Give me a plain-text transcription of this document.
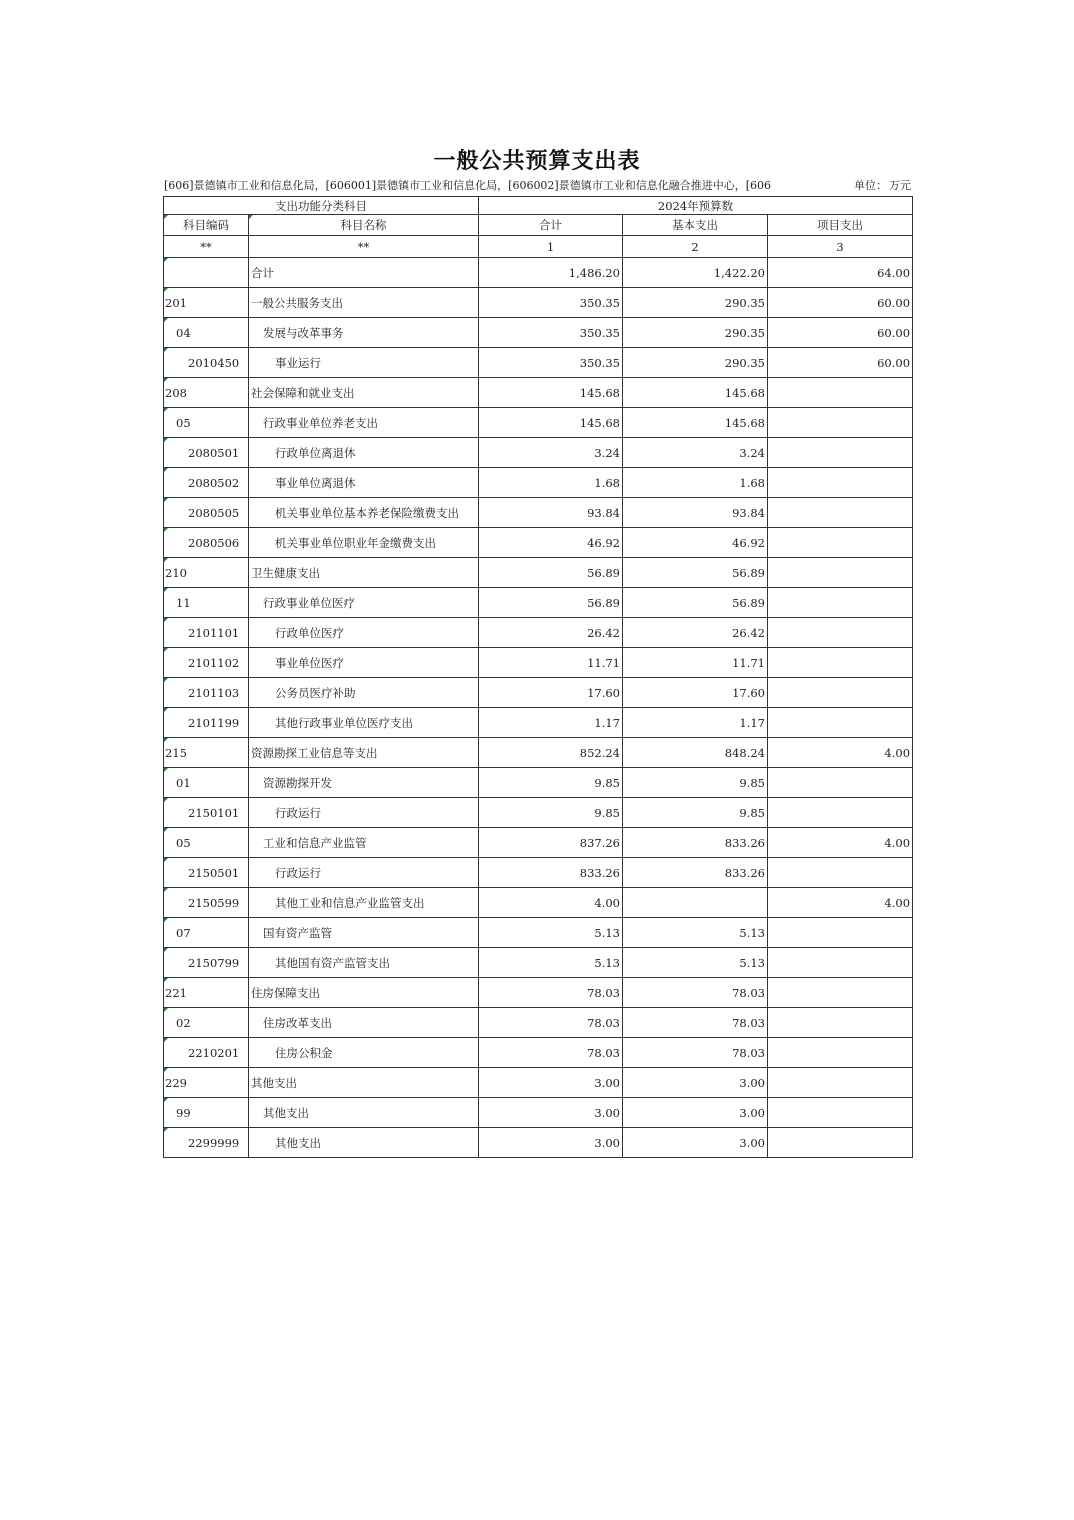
一般公共预算支出表
[606]景德镇市工业和信息化局，[606001]景德镇市工业和信息化局，[606002]景德镇市工业和信息化融合推进中心，[606	单位： 万元
支出功能分类科目		2024年预算数		
科目编码	科目名称	合计	基本支出	项目支出
**	**	1	2	3
	合计	1,486.20	1,422.20	64.00
201	一般公共服务支出	350.35	290.35	60.00
04	发展与改革事务	350.35	290.35	60.00
2010450	事业运行	350.35	290.35	60.00
208	社会保障和就业支出	145.68	145.68	
05	行政事业单位养老支出	145.68	145.68	
2080501	行政单位离退休	3.24	3.24	
2080502	事业单位离退休	1.68	1.68	
2080505	机关事业单位基本养老保险缴费支出	93.84	93.84	
2080506	机关事业单位职业年金缴费支出	46.92	46.92	
210	卫生健康支出	56.89	56.89	
11	行政事业单位医疗	56.89	56.89	
2101101	行政单位医疗	26.42	26.42	
2101102	事业单位医疗	11.71	11.71	
2101103	公务员医疗补助	17.60	17.60	
2101199	其他行政事业单位医疗支出	1.17	1.17	
215	资源勘探工业信息等支出	852.24	848.24	4.00
01	资源勘探开发	9.85	9.85	
2150101	行政运行	9.85	9.85	
05	工业和信息产业监管	837.26	833.26	4.00
2150501	行政运行	833.26	833.26	
2150599	其他工业和信息产业监管支出	4.00		4.00
07	国有资产监管	5.13	5.13	
2150799	其他国有资产监管支出	5.13	5.13	
221	住房保障支出	78.03	78.03	
02	住房改革支出	78.03	78.03	
2210201	住房公积金	78.03	78.03	
229	其他支出	3.00	3.00	
99	其他支出	3.00	3.00	
2299999	其他支出	3.00	3.00	
